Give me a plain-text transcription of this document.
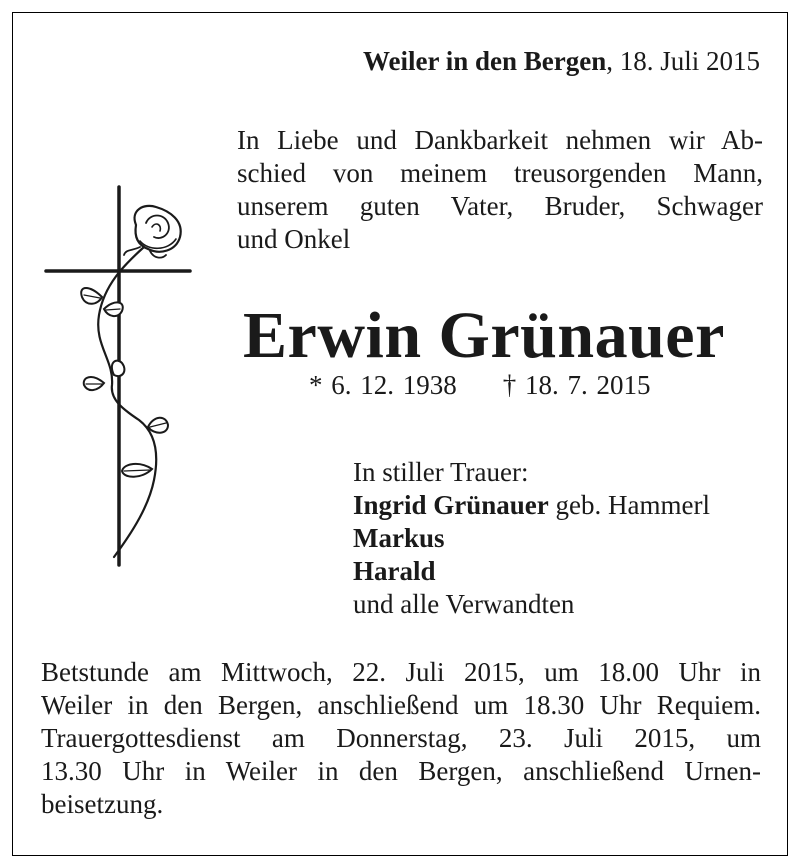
Weiler in den Bergen, 18. Juli 2015
In Liebe und Dankbarkeit nehmen wir Ab-
schied von meinem treusorgenden Mann,
unserem guten Vater, Bruder, Schwager
und Onkel
Erwin Grünauer
* 6. 12. 1938 † 18. 7. 2015
In stiller Trauer:
Ingrid Grünauer geb. Hammerl
Markus
Harald
und alle Verwandten
Betstunde am Mittwoch, 22. Juli 2015, um 18.00 Uhr in
Weiler in den Bergen, anschließend um 18.30 Uhr Requiem.
Trauergottesdienst am Donnerstag, 23. Juli 2015, um
13.30 Uhr in Weiler in den Bergen, anschließend Urnen-
beisetzung.
